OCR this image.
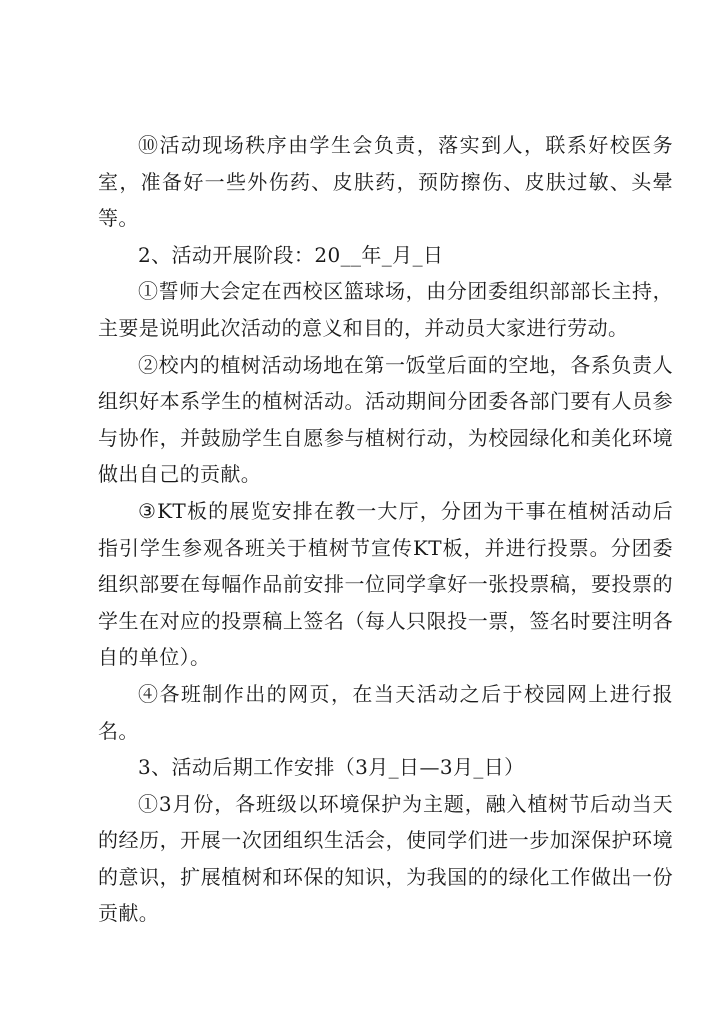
⑩活动现场秩序由学生会负责，落实到人，联系好校医务室，准备好一些外伤药、皮肤药，预防擦伤、皮肤过敏、头晕等。

2、活动开展阶段：20__年_月_日

①誓师大会定在西校区篮球场，由分团委组织部部长主持，主要是说明此次活动的意义和目的，并动员大家进行劳动。

②校内的植树活动场地在第一饭堂后面的空地，各系负责人组织好本系学生的植树活动。活动期间分团委各部门要有人员参与协作，并鼓励学生自愿参与植树行动，为校园绿化和美化环境做出自己的贡献。

③KT板的展览安排在教一大厅，分团为干事在植树活动后指引学生参观各班关于植树节宣传KT板，并进行投票。分团委组织部要在每幅作品前安排一位同学拿好一张投票稿，要投票的学生在对应的投票稿上签名（每人只限投一票，签名时要注明各自的单位）。

④各班制作出的网页，在当天活动之后于校园网上进行报名。

3、活动后期工作安排（3月_日—3月_日）

①3月份，各班级以环境保护为主题，融入植树节后动当天的经历，开展一次团组织生活会，使同学们进一步加深保护环境的意识，扩展植树和环保的知识，为我国的的绿化工作做出一份贡献。
